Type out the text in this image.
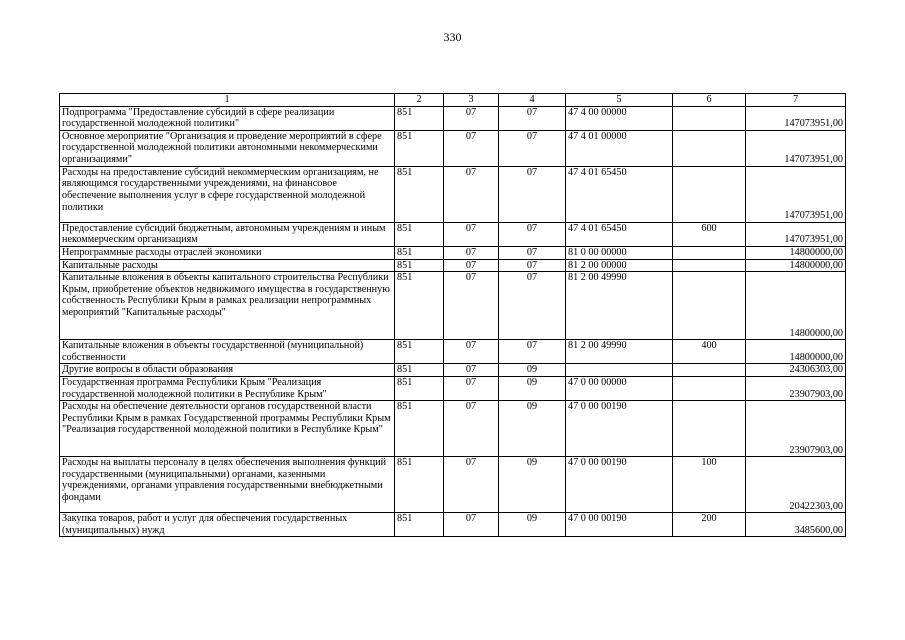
330
1	2	3	4	5	6	7
Подпрограмма "Предоставление субсидий в сфере реализации государственной молодежной политики"	851	07	07	47 4 00 00000		147073951,00
Основное мероприятие "Организация и проведение мероприятий в сфере государственной молодежной политики автономными некоммерческими организациями"	851	07	07	47 4 01 00000		147073951,00
Расходы на предоставление субсидий некоммерческим организациям, не являющимся государственными учреждениями, на финансовое обеспечение выполнения услуг в сфере государственной молодежной политики	851	07	07	47 4 01 65450		147073951,00
Предоставление субсидий бюджетным, автономным учреждениям и иным некоммерческим организациям	851	07	07	47 4 01 65450	600	147073951,00
Непрограммные расходы отраслей экономики	851	07	07	81 0 00 00000		14800000,00
Капитальные расходы	851	07	07	81 2 00 00000		14800000,00
Капитальные вложения в объекты капитального строительства Республики Крым, приобретение объектов недвижимого имущества в государственную собственность Республики Крым в рамках реализации непрограммных мероприятий "Капитальные расходы"	851	07	07	81 2 00 49990		14800000,00
Капитальные вложения в объекты государственной (муниципальной) собственности	851	07	07	81 2 00 49990	400	14800000,00
Другие вопросы в области образования	851	07	09			24306303,00
Государственная программа Республики Крым "Реализация государственной молодежной политики в Республике Крым"	851	07	09	47 0 00 00000		23907903,00
Расходы на обеспечение деятельности органов государственной власти Республики Крым в рамках Государственной программы Республики Крым "Реализация государственной молодежной политики в Республике Крым"	851	07	09	47 0 00 00190		23907903,00
Расходы на выплаты персоналу в целях обеспечения выполнения функций государственными (муниципальными) органами, казенными учреждениями, органами управления государственными внебюджетными фондами	851	07	09	47 0 00 00190	100	20422303,00
Закупка товаров, работ и услуг для обеспечения государственных (муниципальных) нужд	851	07	09	47 0 00 00190	200	3485600,00
